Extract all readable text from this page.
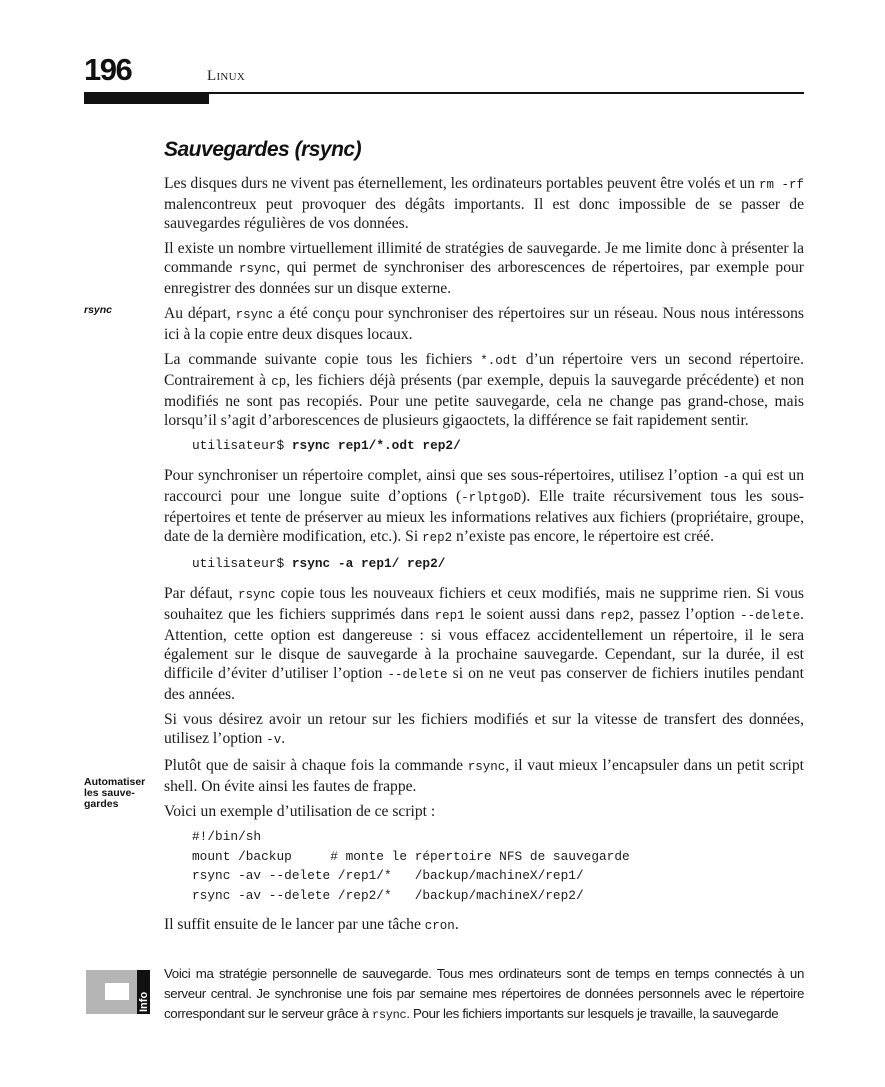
196	Linux
Sauvegardes (rsync)
rsync
Automatiser les sauve-gardes

Les disques durs ne vivent pas éternellement, les ordinateurs portables peuvent être volés et un rm -rf malencontreux peut provoquer des dégâts importants. Il est donc impossible de se passer de sauvegardes régulières de vos données.

Il existe un nombre virtuellement illimité de stratégies de sauvegarde. Je me limite donc à présenter la commande rsync, qui permet de synchroniser des arborescences de répertoires, par exemple pour enregistrer des données sur un disque externe.

Au départ, rsync a été conçu pour synchroniser des répertoires sur un réseau. Nous nous intéressons ici à la copie entre deux disques locaux.

La commande suivante copie tous les fichiers *.odt d’un répertoire vers un second répertoire. Contrairement à cp, les fichiers déjà présents (par exemple, depuis la sauvegarde précédente) et non modifiés ne sont pas recopiés. Pour une petite sauvegarde, cela ne change pas grand-chose, mais lorsqu’il s’agit d’arborescences de plusieurs gigaoctets, la différence se fait rapidement sentir.

utilisateur$ rsync rep1/*.odt rep2/

Pour synchroniser un répertoire complet, ainsi que ses sous-répertoires, utilisez l’option -a qui est un raccourci pour une longue suite d’options (-rlptgoD). Elle traite récursivement tous les sous-répertoires et tente de préserver au mieux les informations relatives aux fichiers (propriétaire, groupe, date de la dernière modification, etc.). Si rep2 n’existe pas encore, le répertoire est créé.

utilisateur$ rsync -a rep1/ rep2/

Par défaut, rsync copie tous les nouveaux fichiers et ceux modifiés, mais ne supprime rien. Si vous souhaitez que les fichiers supprimés dans rep1 le soient aussi dans rep2, passez l’option --delete. Attention, cette option est dangereuse : si vous effacez accidentellement un répertoire, il le sera également sur le disque de sauvegarde à la prochaine sauvegarde. Cependant, sur la durée, il est difficile d’éviter d’utiliser l’option --delete si on ne veut pas conserver de fichiers inutiles pendant des années.

Si vous désirez avoir un retour sur les fichiers modifiés et sur la vitesse de transfert des données, utilisez l’option -v.

Plutôt que de saisir à chaque fois la commande rsync, il vaut mieux l’encapsuler dans un petit script shell. On évite ainsi les fautes de frappe.

Voici un exemple d’utilisation de ce script :

#!/bin/sh
mount /backup     # monte le répertoire NFS de sauvegarde
rsync -av --delete /rep1/*   /backup/machineX/rep1/
rsync -av --delete /rep2/*   /backup/machineX/rep2/

Il suffit ensuite de le lancer par une tâche cron.

Info
Voici ma stratégie personnelle de sauvegarde. Tous mes ordinateurs sont de temps en temps connectés à un serveur central. Je synchronise une fois par semaine mes répertoires de données personnels avec le répertoire correspondant sur le serveur grâce à rsync. Pour les fichiers importants sur lesquels je travaille, la sauvegarde
